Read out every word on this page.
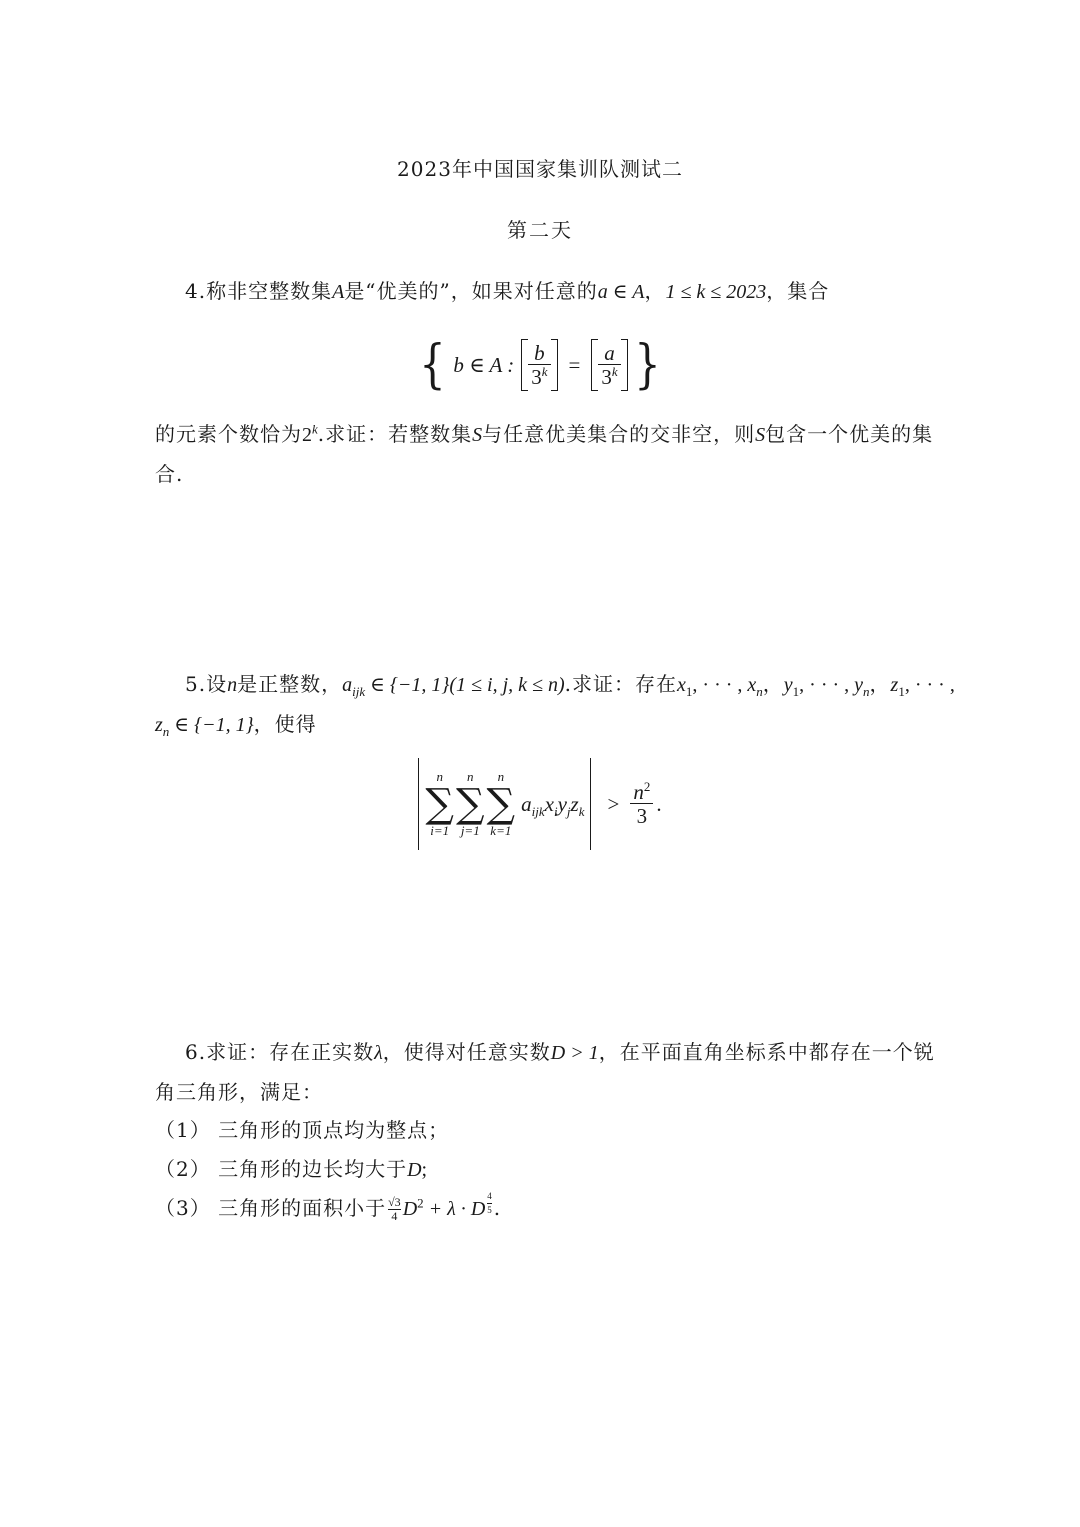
2023年中国国家集训队测试二
第二天
4.称非空整数集A是“优美的”，如果对任意的a ∈ A，1 ≤ k ≤ 2023，集合
{ b ∈ A : $\frac{b}{3^k} = \frac{a}{3^k}$ }
的元素个数恰为2$^k$.求证：若整数集S与任意优美集合的交非空，则S包含一个优美的集合.
5.设n是正整数，$a_{ijk}$ ∈ {−1, 1}(1 ≤ i, j, k ≤ n).求证：存在$x_1$, · · · , $x_n$，$y_1$, · · · , $y_n$，$z_1$, · · · , $z_n$ ∈ {−1, 1}，使得
n
∑
i=1
n
∑
j=1
n
∑
k=1
$a_{ijk}x_iy_jz_k > \frac{n^2}{3}$ .
6.求证：存在正实数λ，使得对任意实数D > 1，在平面直角坐标系中都存在一个锐角三角形，满足：
（1） 三角形的顶点均为整点；
（2） 三角形的边长均大于D;
（3） 三角形的面积小于 $\frac{√3}{4} D^2 + \lambda \cdot D$ $^{\frac{4}{5}}$ .
